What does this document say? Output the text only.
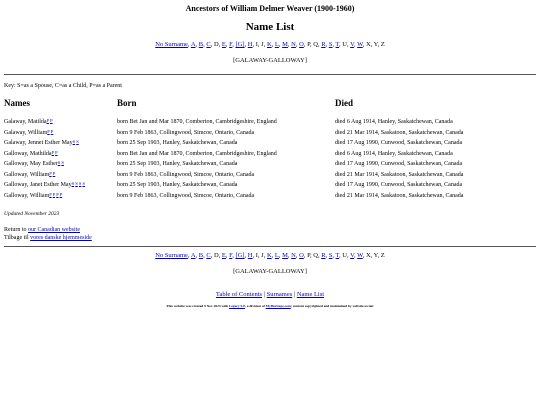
Ancestors of William Delmer Weaver (1900-1960)
Name List
No Surname, A, B, C, D, E, F, [G], H, I, J, K, L, M, N, O, P, Q, R, S, T, U, V, W, X, Y, Z
[GALAWAY-GALLOWAY]
Key: S=as a Spouse, C=as a Child, P=as a Parent
Names	Born	Died
Galaway, Matilda$^{P P}$	born Bet Jan and Mar 1870, Comberton, Cambridgeshire, England	died 6 Aug 1914, Hanley, Saskatchewan, Canada
Galaway, William$^{P P}$	born 9 Feb 1863, Collingwood, Simcoe, Ontario, Canada	died 21 Mar 1914, Saskatoon, Saskatchewan, Canada
Galaway, Jennet Esther May$^{S S}$	born 25 Sep 1903, Hanley, Saskatchewan, Canada	died 17 Aug 1990, Cunwood, Saskatchewan, Canada
Galloway, Mathilda$^{P P}$	born Bet Jan and Mar 1870, Comberton, Cambridgeshire, England	died 6 Aug 1914, Hanley, Saskatchewan, Canada
Galloway, May Esther$^{S S}$	born 25 Sep 1903, Hanley, Saskatchewan, Canada	died 17 Aug 1990, Cunwood, Saskatchewan, Canada
Galloway, William$^{P P}$	born 9 Feb 1863, Collingwood, Simcoe, Ontario, Canada	died 21 Mar 1914, Saskatoon, Saskatchewan, Canada
Galloway, Janet Esther May$^{S S S S}$	born 25 Sep 1903, Hanley, Saskatchewan, Canada	died 17 Aug 1990, Cunwood, Saskatchewan, Canada
Galloway, William$^{P P P P}$	born 9 Feb 1863, Collingwood, Simcoe, Ontario, Canada	died 21 Mar 1914, Saskatoon, Saskatchewan, Canada
Updated November 2023
Return to our Canadian website
Tilbage til vores danske hjemmeside
No Surname, A, B, C, D, E, F, [G], H, I, J, K, L, M, N, O, P, Q, R, S, T, U, V, W, X, Y, Z
[GALAWAY-GALLOWAY]
Table of Contents | Surnames | Name List
This website was created 9 Nov 2023 with Legacy 9.0, a division of MyHeritage.com; content copyrighted and maintained by website owner
